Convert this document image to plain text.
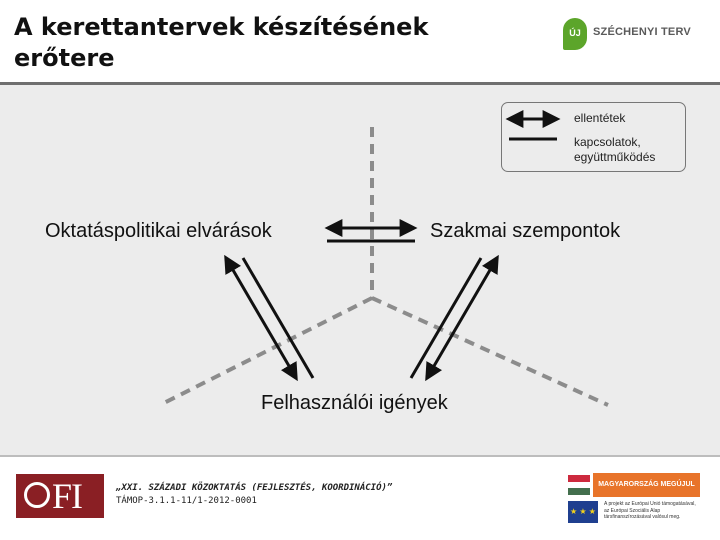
A kerettantervek készítésének erőtere
ÚJ	SZÉCHENYI TERV
ellentétek
kapcsolatok, együttműködés
Oktatáspolitikai elvárások	Szakmai szempontok
Felhasználói igények
FI	„XXI. SZÁZADI KÖZOKTATÁS (FEJLESZTÉS, KOORDINÁCIÓ)”
TÁMOP-3.1.1-11/1-2012-0001
MAGYARORSZÁG MEGÚJUL
★ ★ ★
A projekt az Európai Unió támogatásával, az Európai Szociális Alap társfinanszírozásával valósul meg.
